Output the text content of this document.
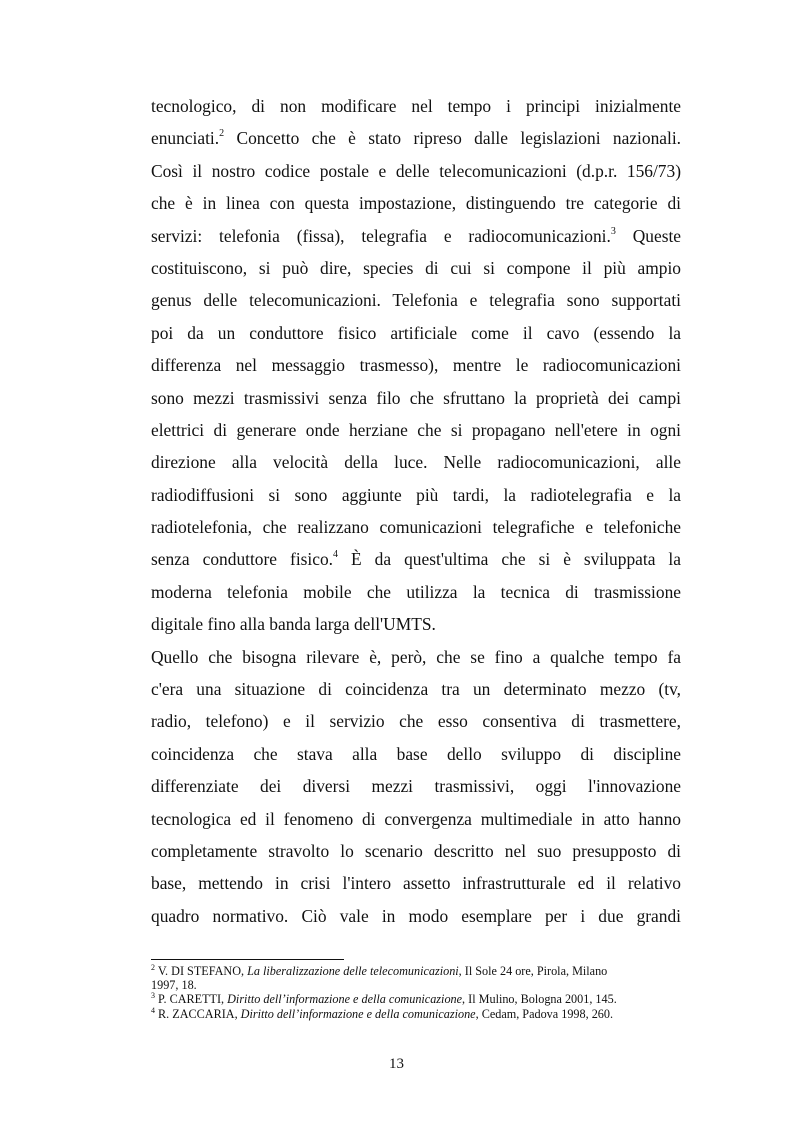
tecnologico, di non modificare nel tempo i principi inizialmente
enunciati.$^2$ Concetto che è stato ripreso dalle legislazioni nazionali.
Così il nostro codice postale e delle telecomunicazioni (d.p.r. 156/73)
che è in linea con questa impostazione, distinguendo tre categorie di
servizi: telefonia (fissa), telegrafia e radiocomunicazioni.$^3$ Queste
costituiscono, si può dire, species di cui si compone il più ampio
genus delle telecomunicazioni. Telefonia e telegrafia sono supportati
poi da un conduttore fisico artificiale come il cavo (essendo la
differenza nel messaggio trasmesso), mentre le radiocomunicazioni
sono mezzi trasmissivi senza filo che sfruttano la proprietà dei campi
elettrici di generare onde herziane che si propagano nell'etere in ogni
direzione alla velocità della luce. Nelle radiocomunicazioni, alle
radiodiffusioni si sono aggiunte più tardi, la radiotelegrafia e la
radiotelefonia, che realizzano comunicazioni telegrafiche e telefoniche
senza conduttore fisico.$^4$ È da quest'ultima che si è sviluppata la
moderna telefonia mobile che utilizza la tecnica di trasmissione
digitale fino alla banda larga dell'UMTS.
Quello che bisogna rilevare è, però, che se fino a qualche tempo fa
c'era una situazione di coincidenza tra un determinato mezzo (tv,
radio, telefono) e il servizio che esso consentiva di trasmettere,
coincidenza che stava alla base dello sviluppo di discipline
differenziate dei diversi mezzi trasmissivi, oggi l'innovazione
tecnologica ed il fenomeno di convergenza multimediale in atto hanno
completamente stravolto lo scenario descritto nel suo presupposto di
base, mettendo in crisi l'intero assetto infrastrutturale ed il relativo
quadro normativo. Ciò vale in modo esemplare per i due grandi
$^2$ V. DI STEFANO, La liberalizzazione delle telecomunicazioni, Il Sole 24 ore, Pirola, Milano
1997, 18.
$^3$ P. CARETTI, Diritto dell’informazione e della comunicazione, Il Mulino, Bologna 2001, 145.
$^4$ R. ZACCARIA, Diritto dell’informazione e della comunicazione, Cedam, Padova 1998, 260.
13
